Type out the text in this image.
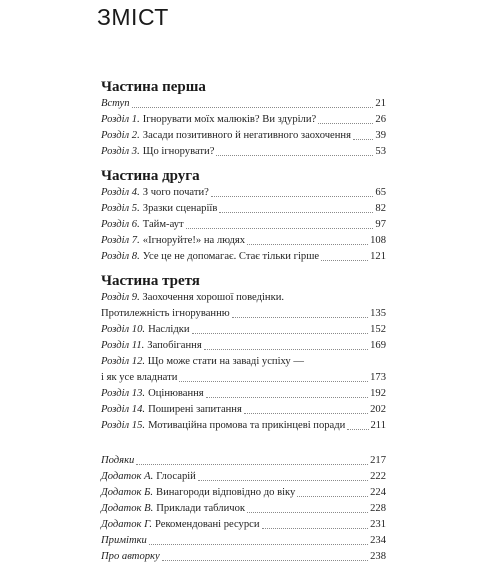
ЗМІСТ
Частина перша
Вступ	21
Розділ 1. Ігнорувати моїх малюків? Ви здуріли?	26
Розділ 2. Засади позитивного й негативного заохочення 39
Розділ 3. Що ігнорувати?	53
Частина друга
Розділ 4. З чого почати?	65
Розділ 5. Зразки сценаріїв	82
Розділ 6. Тайм-аут	97
Розділ 7. «Ігноруйте!» на людях	108
Розділ 8. Усе це не допомагає. Стає тільки гірше	121
Частина третя
Розділ 9. Заохочення хорошої поведінки.
Протилежність ігноруванню	135
Розділ 10. Наслідки	152
Розділ 11. Запобігання	169
Розділ 12. Що може стати на заваді успіху —
і як усе владнати	173
Розділ 13. Оцінювання	192
Розділ 14. Поширені запитання	202
Розділ 15. Мотиваційна промова та прикінцеві поради 211
Подяки	217
Додаток А. Глосарій	222
Додаток Б. Винагороди відповідно до віку	224
Додаток В. Приклади табличок	228
Додаток Г. Рекомендовані ресурси	231
Примітки	234
Про авторку	238
